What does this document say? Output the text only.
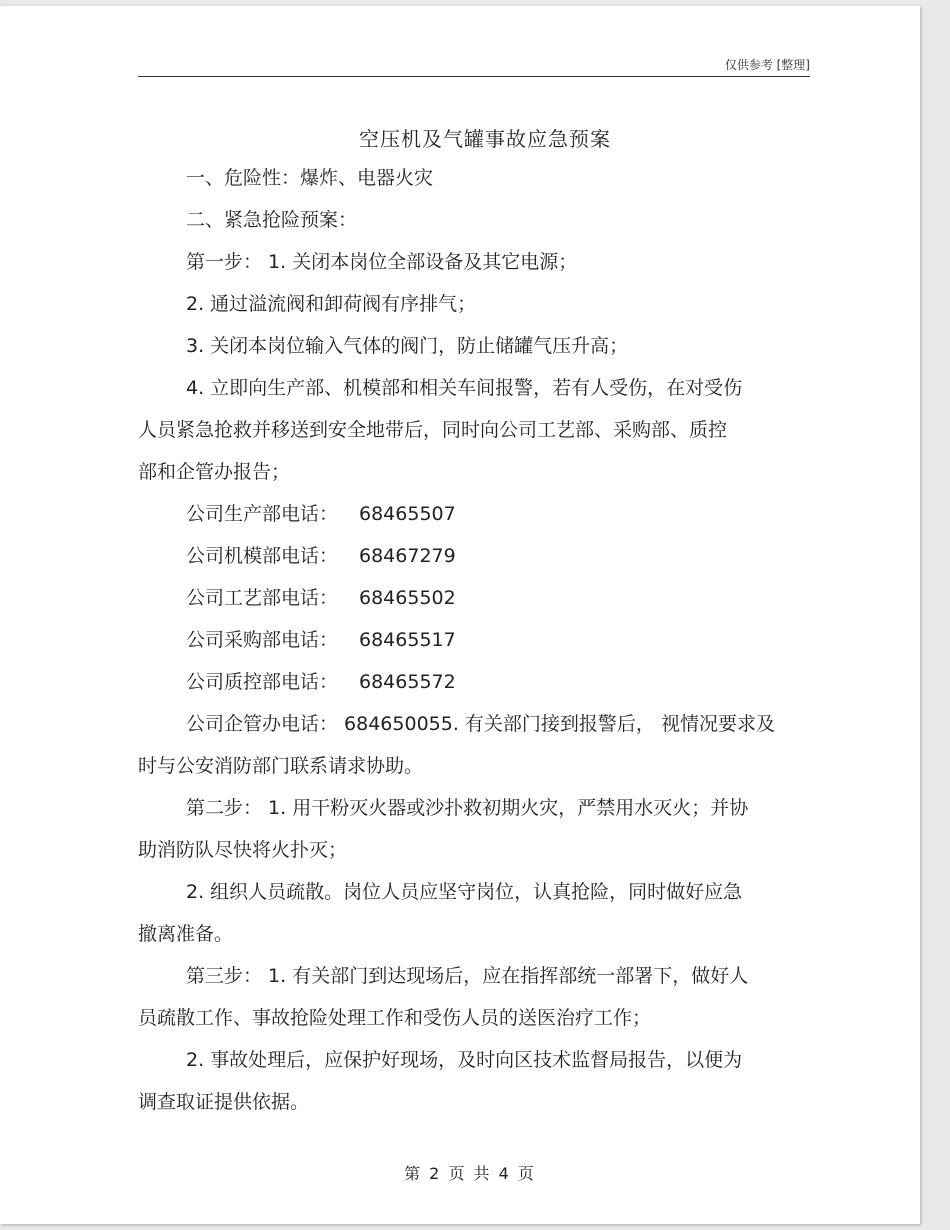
仅供参考 [整理]
空压机及气罐事故应急预案
一、危险性：爆炸、电器火灾
二、紧急抢险预案：
第一步： 1. 关闭本岗位全部设备及其它电源；
2. 通过溢流阀和卸荷阀有序排气；
3. 关闭本岗位输入气体的阀门，防止储罐气压升高；
4. 立即向生产部、机模部和相关车间报警，若有人受伤，在对受伤
人员紧急抢救并移送到安全地带后，同时向公司工艺部、采购部、质控
部和企管办报告；
公司生产部电话： 68465507
公司机模部电话： 68467279
公司工艺部电话： 68465502
公司采购部电话： 68465517
公司质控部电话： 68465572
公司企管办电话： 684650055. 有关部门接到报警后， 视情况要求及
时与公安消防部门联系请求协助。
第二步： 1. 用干粉灭火器或沙扑救初期火灾，严禁用水灭火；并协
助消防队尽快将火扑灭；
2. 组织人员疏散。岗位人员应坚守岗位，认真抢险，同时做好应急
撤离准备。
第三步： 1. 有关部门到达现场后，应在指挥部统一部署下，做好人
员疏散工作、事故抢险处理工作和受伤人员的送医治疗工作；
2. 事故处理后，应保护好现场，及时向区技术监督局报告，以便为
调查取证提供依据。
第 2 页 共 4 页
